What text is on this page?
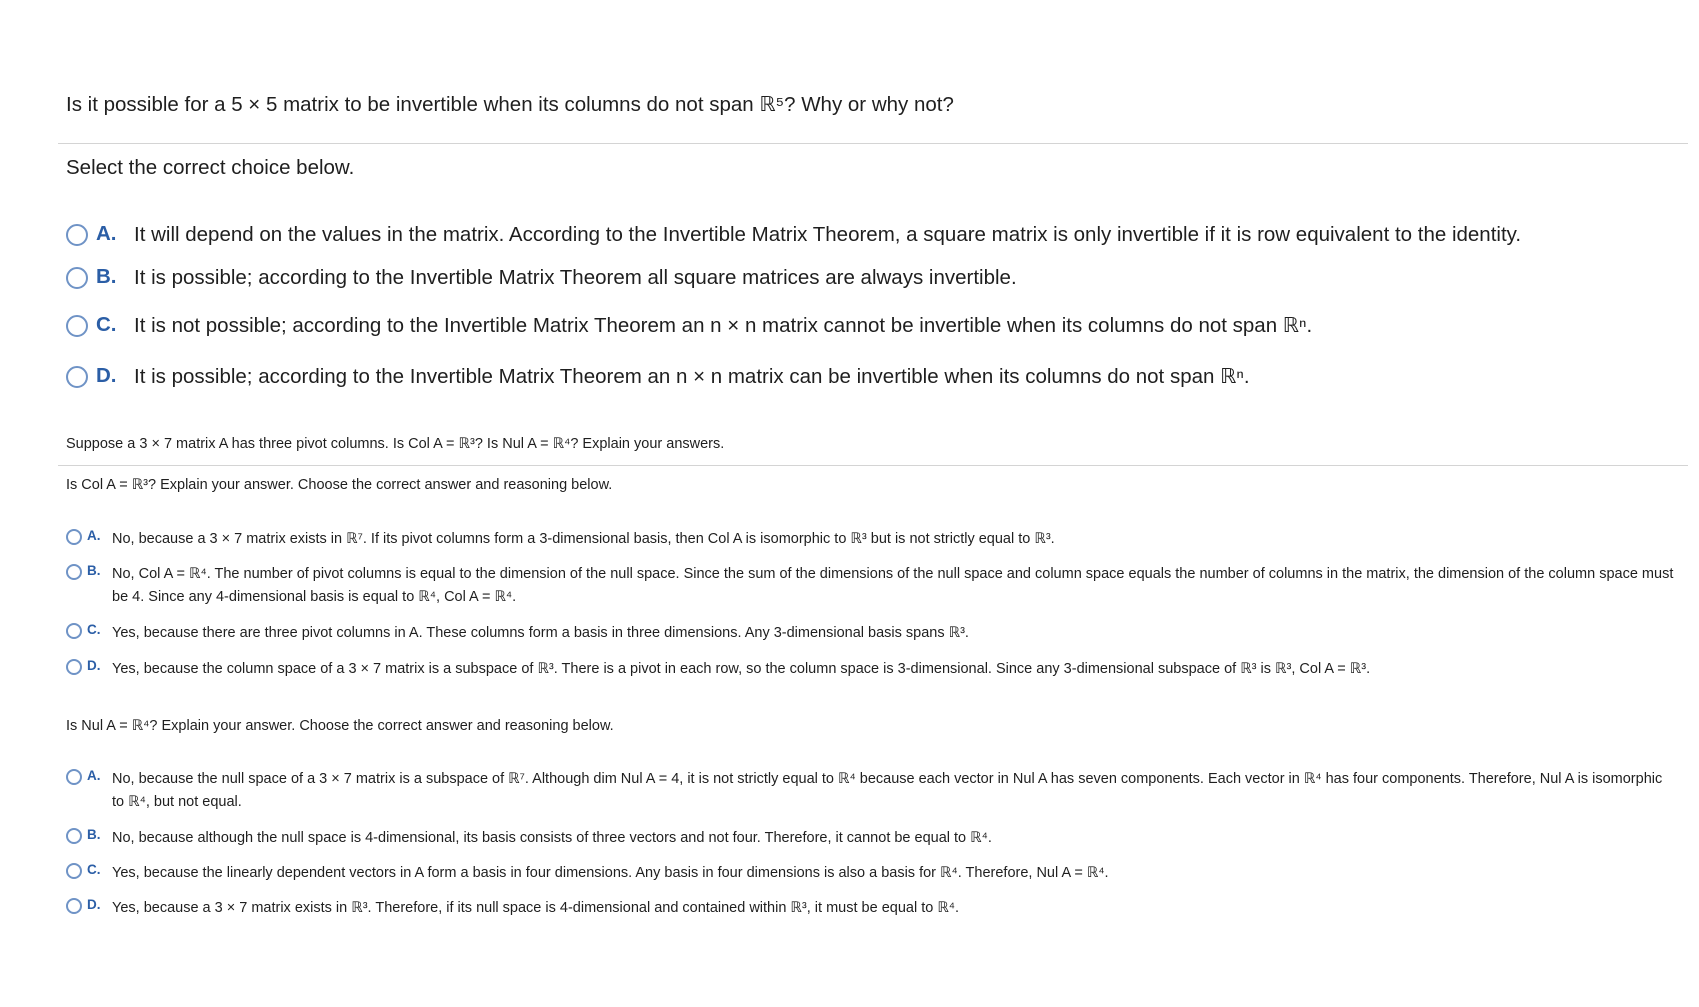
Is it possible for a 5 × 5 matrix to be invertible when its columns do not span ℝ⁵? Why or why not?
Select the correct choice below.
A. It will depend on the values in the matrix. According to the Invertible Matrix Theorem, a square matrix is only invertible if it is row equivalent to the identity.
B. It is possible; according to the Invertible Matrix Theorem all square matrices are always invertible.
C. It is not possible; according to the Invertible Matrix Theorem an n × n matrix cannot be invertible when its columns do not span ℝⁿ.
D. It is possible; according to the Invertible Matrix Theorem an n × n matrix can be invertible when its columns do not span ℝⁿ.
Suppose a 3 × 7 matrix A has three pivot columns. Is Col A = ℝ³? Is Nul A = ℝ⁴? Explain your answers.
Is Col A = ℝ³? Explain your answer. Choose the correct answer and reasoning below.
A. No, because a 3 × 7 matrix exists in ℝ⁷. If its pivot columns form a 3-dimensional basis, then Col A is isomorphic to ℝ³ but is not strictly equal to ℝ³.
B. No, Col A = ℝ⁴. The number of pivot columns is equal to the dimension of the null space. Since the sum of the dimensions of the null space and column space equals the number of columns in the matrix, the dimension of the column space must be 4. Since any 4-dimensional basis is equal to ℝ⁴, Col A = ℝ⁴.
C. Yes, because there are three pivot columns in A. These columns form a basis in three dimensions. Any 3-dimensional basis spans ℝ³.
D. Yes, because the column space of a 3 × 7 matrix is a subspace of ℝ³. There is a pivot in each row, so the column space is 3-dimensional. Since any 3-dimensional subspace of ℝ³ is ℝ³, Col A = ℝ³.
Is Nul A = ℝ⁴? Explain your answer. Choose the correct answer and reasoning below.
A. No, because the null space of a 3 × 7 matrix is a subspace of ℝ⁷. Although dim Nul A = 4, it is not strictly equal to ℝ⁴ because each vector in Nul A has seven components. Each vector in ℝ⁴ has four components. Therefore, Nul A is isomorphic to ℝ⁴, but not equal.
B. No, because although the null space is 4-dimensional, its basis consists of three vectors and not four. Therefore, it cannot be equal to ℝ⁴.
C. Yes, because the linearly dependent vectors in A form a basis in four dimensions. Any basis in four dimensions is also a basis for ℝ⁴. Therefore, Nul A = ℝ⁴.
D. Yes, because a 3 × 7 matrix exists in ℝ³. Therefore, if its null space is 4-dimensional and contained within ℝ³, it must be equal to ℝ⁴.
